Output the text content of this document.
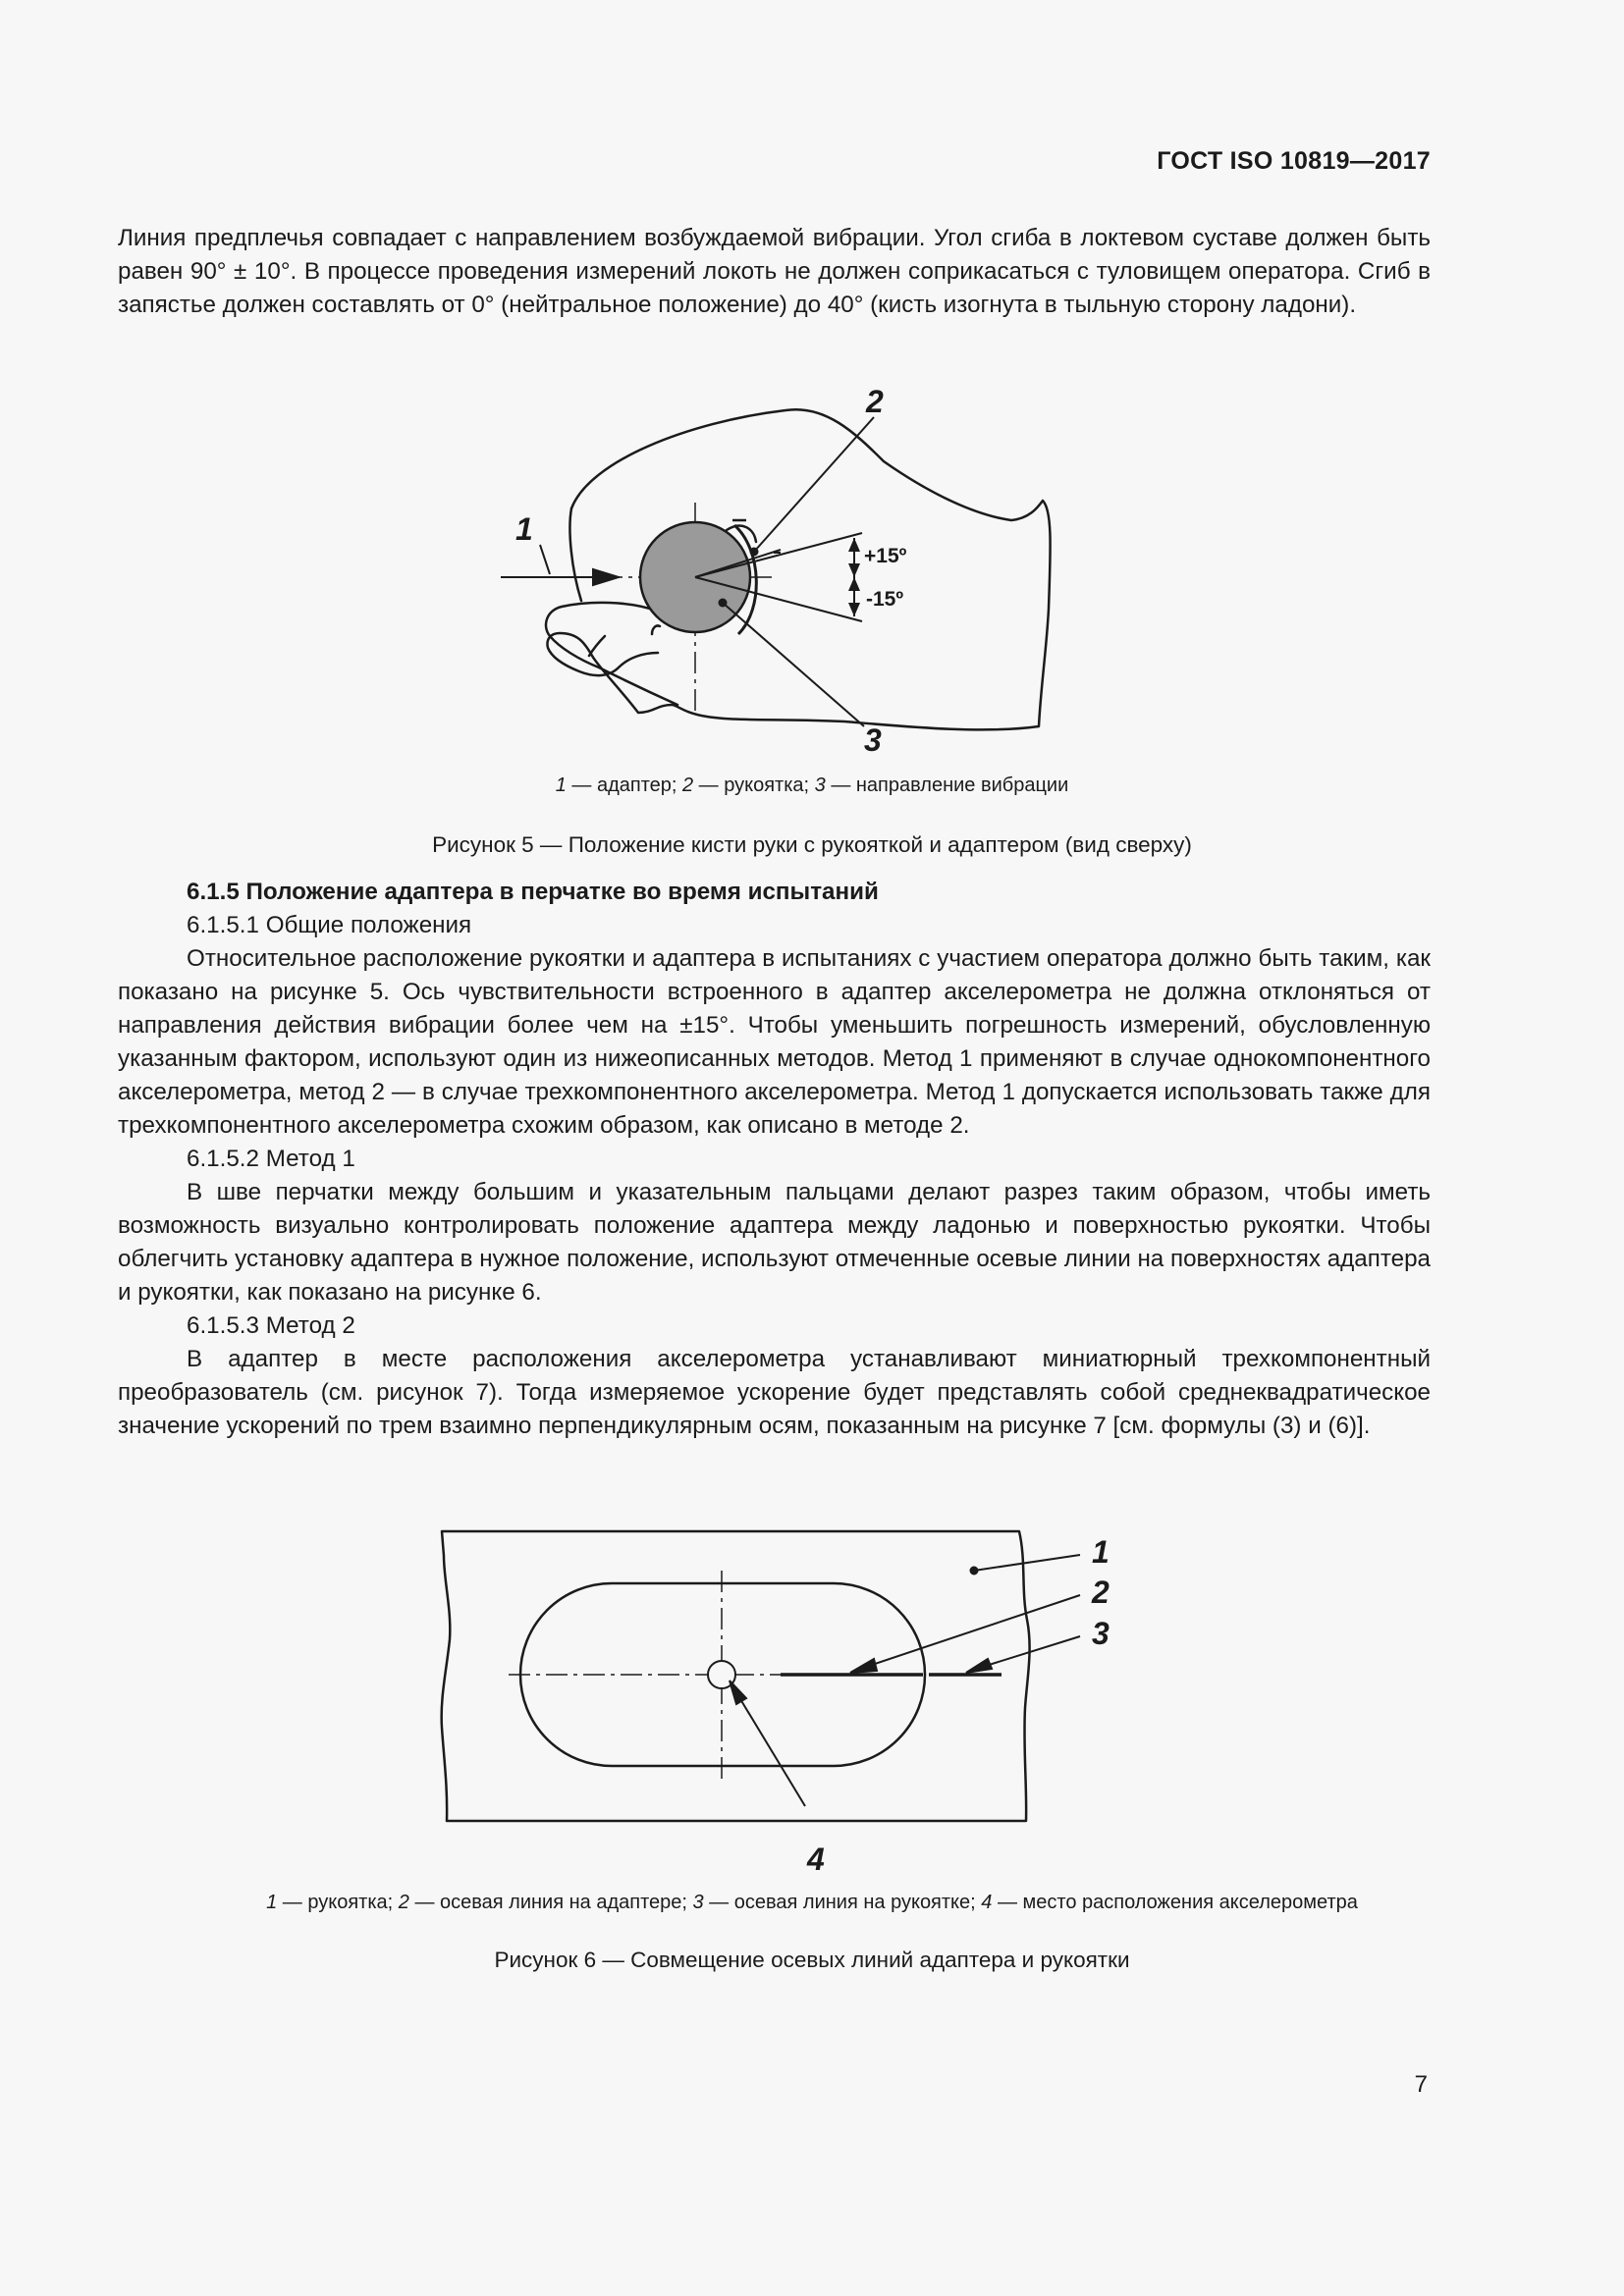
ГОСТ ISO 10819—2017

Линия предплечья совпадает с направлением возбуждаемой вибрации. Угол сгиба в локтевом суставе должен быть равен 90° ± 10°. В процессе проведения измерений локоть не должен соприкасаться с туловищем оператора. Сгиб в запястье должен составлять от 0° (нейтральное положение) до 40° (кисть изогнута в тыльную сторону ладони).

1
2
3
+15º
-15º
1 — адаптер; 2 — рукоятка; 3 — направление вибрации
Рисунок 5 — Положение кисти руки с рукояткой и адаптером (вид сверху)

6.1.5 Положение адаптера в перчатке во время испытаний

6.1.5.1 Общие положения

Относительное расположение рукоятки и адаптера в испытаниях с участием оператора должно быть таким, как показано на рисунке 5. Ось чувствительности встроенного в адаптер акселерометра не должна отклоняться от направления действия вибрации более чем на ±15°. Чтобы уменьшить погрешность измерений, обусловленную указанным фактором, используют один из нижеописанных методов. Метод 1 применяют в случае однокомпонентного акселерометра, метод 2 — в случае трехкомпонентного акселерометра. Метод 1 допускается использовать также для трехкомпонентного акселерометра схожим образом, как описано в методе 2.

6.1.5.2 Метод 1

В шве перчатки между большим и указательным пальцами делают разрез таким образом, чтобы иметь возможность визуально контролировать положение адаптера между ладонью и поверхностью рукоятки. Чтобы облегчить установку адаптера в нужное положение, используют отмеченные осевые линии на поверхностях адаптера и рукоятки, как показано на рисунке 6.

6.1.5.3 Метод 2

В адаптер в месте расположения акселерометра устанавливают миниатюрный трехкомпонентный преобразователь (см. рисунок 7). Тогда измеряемое ускорение будет представлять собой среднеквадратическое значение ускорений по трем взаимно перпендикулярным осям, показанным на рисунке 7 [см. формулы (3) и (6)].

1
2
3
4
1 — рукоятка; 2 — осевая линия на адаптере; 3 — осевая линия на рукоятке; 4 — место расположения акселерометра
Рисунок 6 — Совмещение осевых линий адаптера и рукоятки
7
